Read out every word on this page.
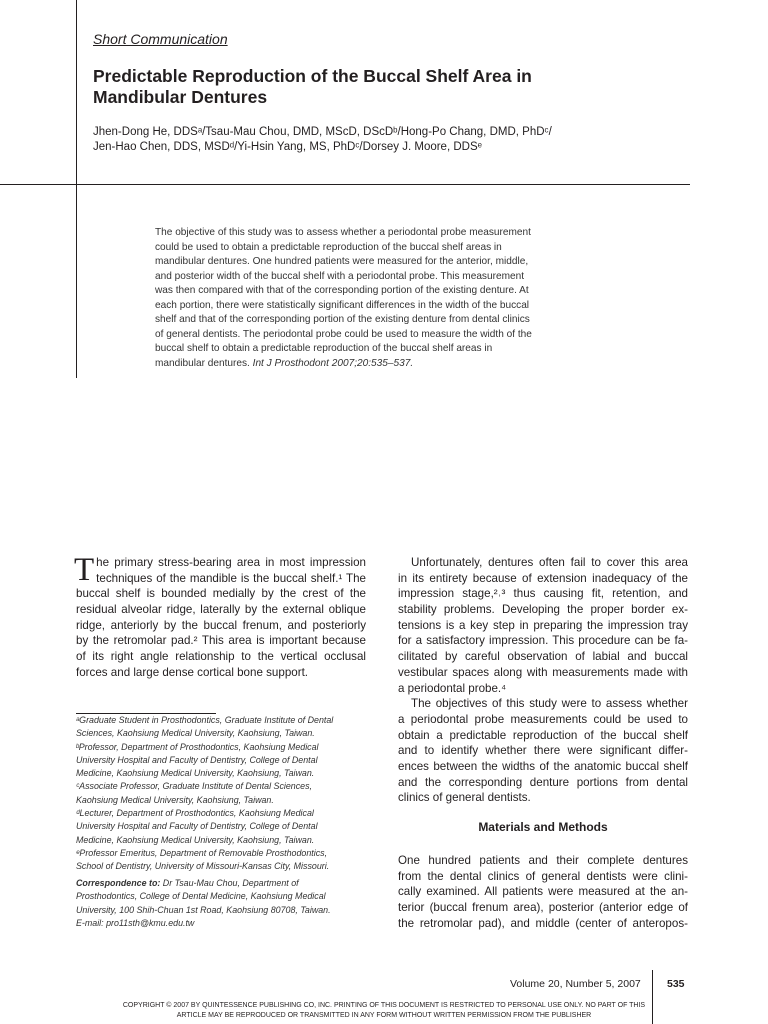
Short Communication
Predictable Reproduction of the Buccal Shelf Area in
Mandibular Dentures
Jhen-Dong He, DDSᵃ/Tsau-Mau Chou, DMD, MScD, DScDᵇ/Hong-Po Chang, DMD, PhDᶜ/
Jen-Hao Chen, DDS, MSDᵈ/Yi-Hsin Yang, MS, PhDᶜ/Dorsey J. Moore, DDSᵉ
The objective of this study was to assess whether a periodontal probe measurement
could be used to obtain a predictable reproduction of the buccal shelf areas in
mandibular dentures. One hundred patients were measured for the anterior, middle,
and posterior width of the buccal shelf with a periodontal probe. This measurement
was then compared with that of the corresponding portion of the existing denture. At
each portion, there were statistically significant differences in the width of the buccal
shelf and that of the corresponding portion of the existing denture from dental clinics
of general dentists. The periodontal probe could be used to measure the width of the
buccal shelf to obtain a predictable reproduction of the buccal shelf areas in
mandibular dentures. Int J Prosthodont 2007;20:535–537.
T he primary stress-bearing area in most impression
techniques of the mandible is the buccal shelf.¹ The
buccal shelf is bounded medially by the crest of the
residual alveolar ridge, laterally by the external oblique
ridge, anteriorly by the buccal frenum, and posteriorly
by the retromolar pad.² This area is important because
of its right angle relationship to the vertical occlusal
forces and large dense cortical bone support.
ᵃGraduate Student in Prosthodontics, Graduate Institute of Dental
Sciences, Kaohsiung Medical University, Kaohsiung, Taiwan.
ᵇProfessor, Department of Prosthodontics, Kaohsiung Medical
University Hospital and Faculty of Dentistry, College of Dental
Medicine, Kaohsiung Medical University, Kaohsiung, Taiwan.
ᶜAssociate Professor, Graduate Institute of Dental Sciences,
Kaohsiung Medical University, Kaohsiung, Taiwan.
ᵈLecturer, Department of Prosthodontics, Kaohsiung Medical
University Hospital and Faculty of Dentistry, College of Dental
Medicine, Kaohsiung Medical University, Kaohsiung, Taiwan.
ᵉProfessor Emeritus, Department of Removable Prosthodontics,
School of Dentistry, University of Missouri-Kansas City, Missouri.
Correspondence to: Dr Tsau-Mau Chou, Department of
Prosthodontics, College of Dental Medicine, Kaohsiung Medical
University, 100 Shih-Chuan 1st Road, Kaohsiung 80708, Taiwan.
E-mail: pro11sth@kmu.edu.tw
Unfortunately, dentures often fail to cover this area
in its entirety because of extension inadequacy of the
impression stage,²˒³ thus causing fit, retention, and
stability problems. Developing the proper border ex-
tensions is a key step in preparing the impression tray
for a satisfactory impression. This procedure can be fa-
cilitated by careful observation of labial and buccal
vestibular spaces along with measurements made with
a periodontal probe.⁴
The objectives of this study were to assess whether
a periodontal probe measurements could be used to
obtain a predictable reproduction of the buccal shelf
and to identify whether there were significant differ-
ences between the widths of the anatomic buccal shelf
and the corresponding denture portions from dental
clinics of general dentists.
Materials and Methods
One hundred patients and their complete dentures
from the dental clinics of general dentists were clini-
cally examined. All patients were measured at the an-
terior (buccal frenum area), posterior (anterior edge of
the retromolar pad), and middle (center of anteropos-
Volume 20, Number 5, 2007	535
COPYRIGHT © 2007 BY QUINTESSENCE PUBLISHING CO, INC. PRINTING OF THIS DOCUMENT IS RESTRICTED TO PERSONAL USE ONLY. NO PART OF THIS
ARTICLE MAY BE REPRODUCED OR TRANSMITTED IN ANY FORM WITHOUT WRITTEN PERMISSION FROM THE PUBLISHER
